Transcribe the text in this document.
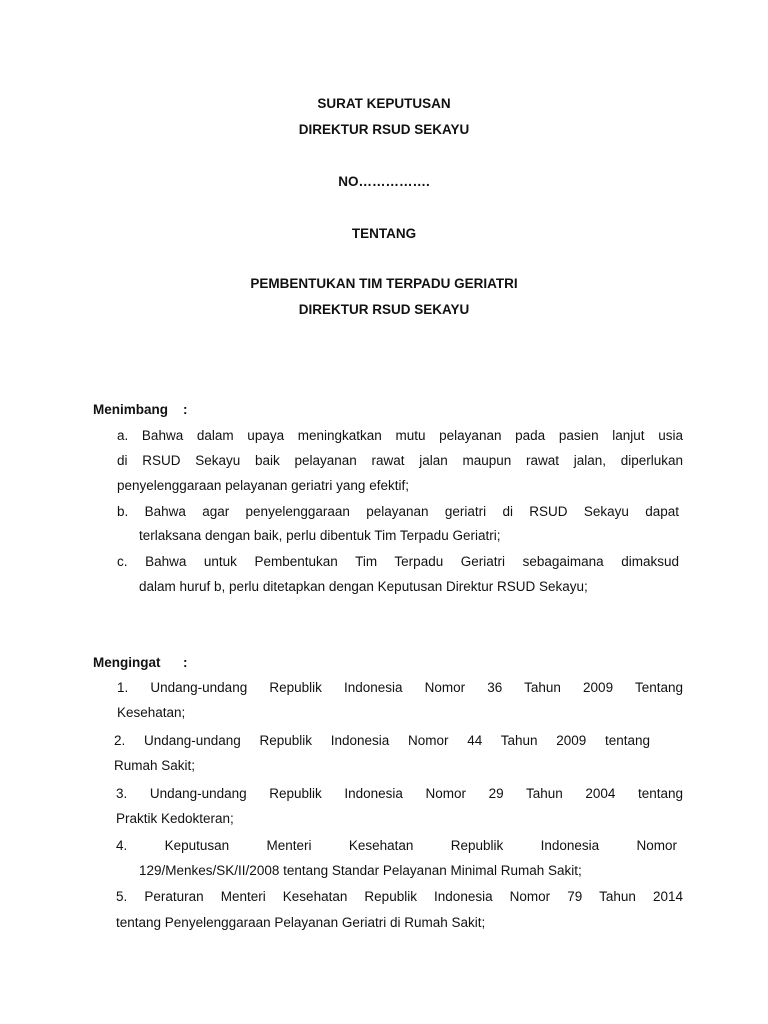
SURAT KEPUTUSAN
DIREKTUR RSUD SEKAYU
NO…………….
TENTANG
PEMBENTUKAN TIM TERPADU GERIATRI
DIREKTUR RSUD SEKAYU
Menimbang    :
a. Bahwa dalam upaya meningkatkan mutu pelayanan pada pasien lanjut usia
di RSUD Sekayu baik pelayanan rawat jalan maupun rawat jalan, diperlukan
penyelenggaraan pelayanan geriatri yang efektif;
b. Bahwa agar penyelenggaraan pelayanan geriatri di RSUD Sekayu dapat
terlaksana dengan baik, perlu dibentuk Tim Terpadu Geriatri;
c. Bahwa untuk Pembentukan Tim Terpadu Geriatri sebagaimana dimaksud
dalam huruf b, perlu ditetapkan dengan Keputusan Direktur RSUD Sekayu;
Mengingat      :
1. Undang-undang Republik Indonesia Nomor 36 Tahun 2009 Tentang
Kesehatan;
2. Undang-undang Republik Indonesia Nomor 44 Tahun 2009 tentang
Rumah Sakit;
3. Undang-undang Republik Indonesia Nomor 29 Tahun 2004 tentang
Praktik Kedokteran;
4. Keputusan Menteri Kesehatan Republik Indonesia Nomor
129/Menkes/SK/II/2008 tentang Standar Pelayanan Minimal Rumah Sakit;
5. Peraturan Menteri Kesehatan Republik Indonesia Nomor 79 Tahun 2014
tentang Penyelenggaraan Pelayanan Geriatri di Rumah Sakit;
